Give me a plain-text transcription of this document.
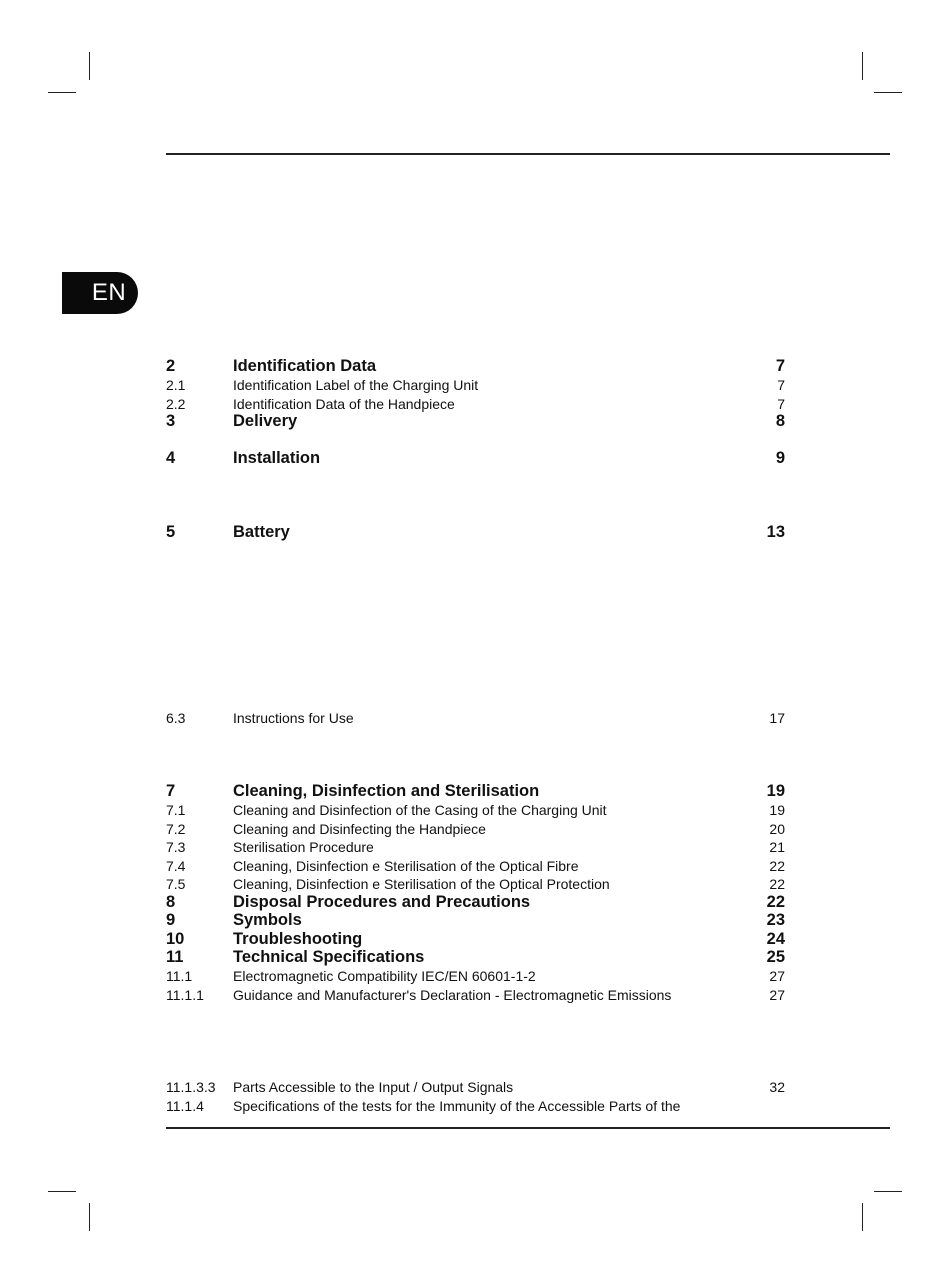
EN
2	Identification Data	7
2.1	Identification Label of the Charging Unit	7
2.2	Identification Data of the Handpiece	7
3	Delivery	8
4	Installation	9
5	Battery	13
6.3	Instructions for Use	17
7	Cleaning, Disinfection and Sterilisation	19
7.1	Cleaning and Disinfection of the Casing of the Charging Unit	19
7.2	Cleaning and Disinfecting the Handpiece	20
7.3	Sterilisation Procedure	21
7.4	Cleaning, Disinfection e Sterilisation of the Optical Fibre	22
7.5	Cleaning, Disinfection e Sterilisation of the Optical Protection	22
8	Disposal Procedures and Precautions	22
9	Symbols	23
10	Troubleshooting	24
11	Technical Specifications	25
11.1	Electromagnetic Compatibility IEC/EN 60601-1-2	27
11.1.1 Guidance and Manufacturer's Declaration - Electromagnetic Emissions	27
11.1.3.3 Parts Accessible to the Input / Output Signals	32
11.1.4 Specifications of the tests for the Immunity of the Accessible Parts of the
